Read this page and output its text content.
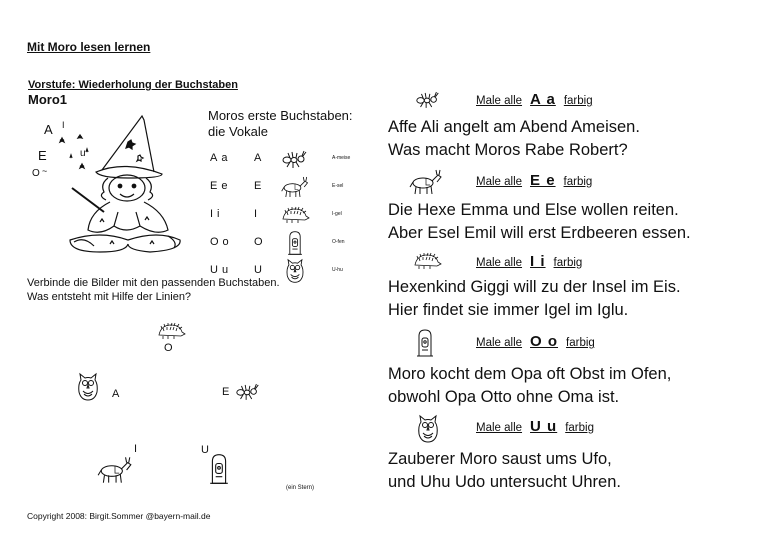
Mit Moro lesen lernen
Vorstufe: Wiederholung der Buchstaben
Moro1
E
A I
u
O ~
Moros erste Buchstaben:
die Vokale
Aa A	A-meise
Ee E	E-sel
Ii	I	I-gel
Oo O	O-fen
Uu U	U-hu
Verbinde die Bilder mit den passenden Buchstaben.
Was entsteht mit Hilfe der Linien?
O
A	E
I	U
(ein Stern)
Copyright 2008: Birgit.Sommer @bayern-mail.de
Male alle A a farbig
Affe Ali angelt am Abend Ameisen.
Was macht Moros Rabe Robert?
Male alle E e farbig
Die Hexe Emma und Else wollen reiten.
Aber Esel Emil will erst Erdbeeren essen.
Male alle I i farbig
Hexenkind Giggi will zu der Insel im Eis.
Hier findet sie immer Igel im Iglu.
Male alle O o farbig
Moro kocht dem Opa oft Obst im Ofen,
obwohl Opa Otto ohne Oma ist.
Male alle U u farbig
Zauberer Moro saust ums Ufo,
und Uhu Udo untersucht Uhren.
